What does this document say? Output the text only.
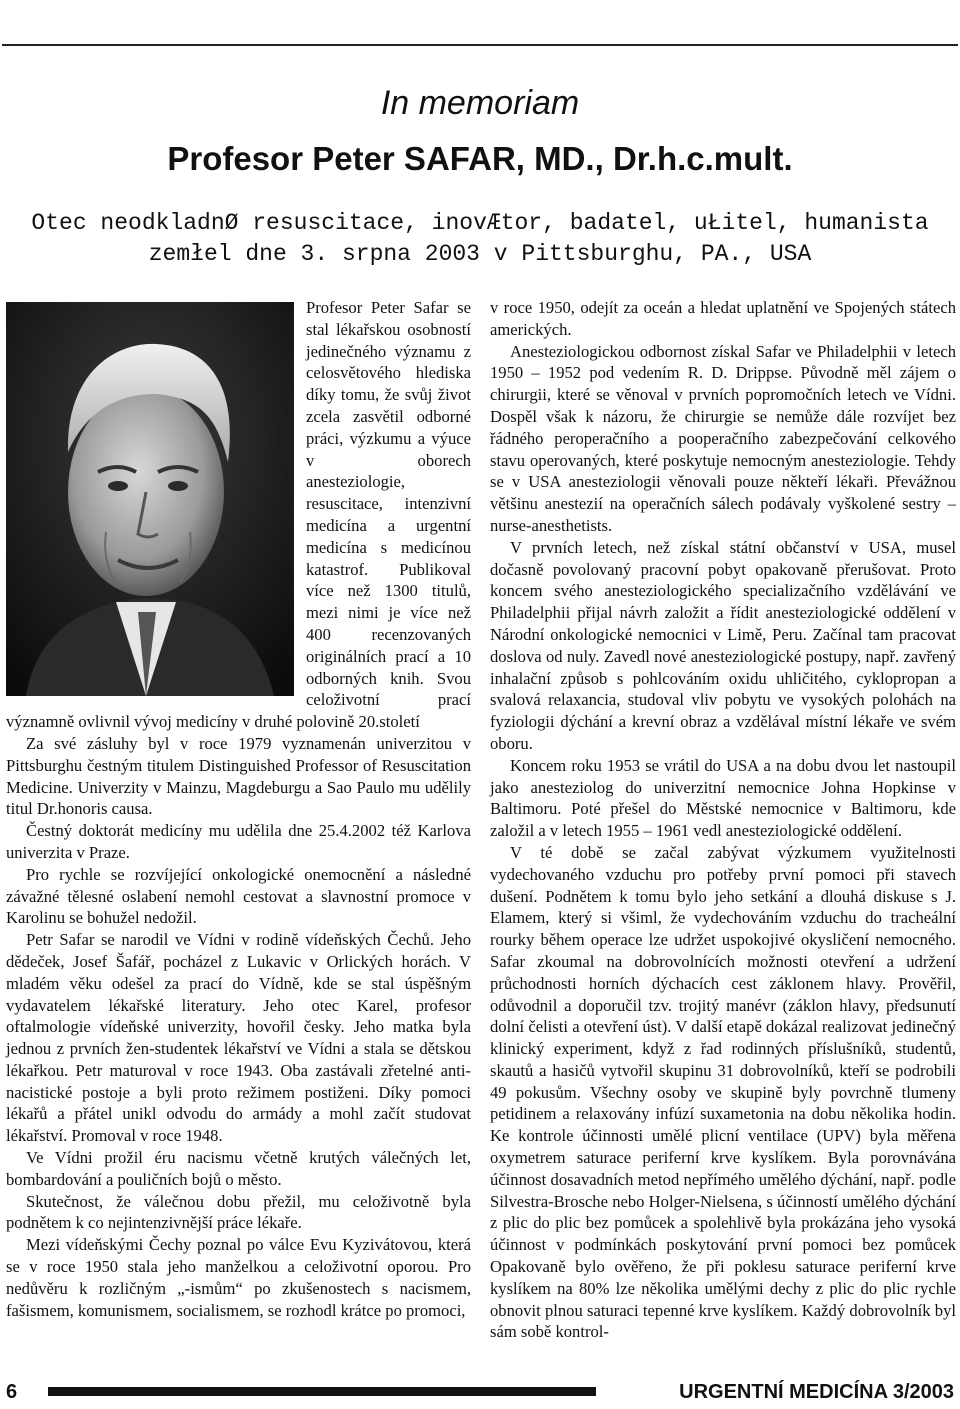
In memoriam
Profesor Peter SAFAR, MD., Dr.h.c.mult.
Otec neodkladnØ resuscitace, inovÆtor, badatel, uŁitel, humanista
zemłel dne 3. srpna 2003 v Pittsburghu, PA., USA

Profesor Peter Safar se stal lékařskou osobností jedinečného významu z celosvětového hlediska díky tomu, že svůj život zcela zasvětil odborné práci, výzkumu a výuce v oborech anesteziologie, resuscitace, intenzivní medicína a urgentní medicína s medicínou katastrof. Publikoval více než 1300 titulů, mezi nimi je více než 400 recenzovaných originálních prací a 10 odborných knih. Svou celoživotní prací významně ovlivnil vývoj medicíny v druhé polovině 20.století

Za své zásluhy byl v roce 1979 vyznamenán univerzitou v Pittsburghu čestným titulem Distinguished Professor of Resuscitation Medicine. Univerzity v Mainzu, Magdeburgu a Sao Paulo mu udělily titul Dr.honoris causa.

Čestný doktorát medicíny mu udělila dne 25.4.2002 též Karlova univerzita v Praze.

Pro rychle se rozvíjející onkologické onemocnění a následné závažné tělesné oslabení nemohl cestovat a slavnostní promoce v Karolinu se bohužel nedožil.

Petr Safar se narodil ve Vídni v rodině vídeňských Čechů. Jeho dědeček, Josef Šafář, pocházel z Lukavic v Orlických horách. V mladém věku odešel za prací do Vídně, kde se stal úspěšným vydavatelem lékařské literatury. Jeho otec Karel, profesor oftalmologie vídeňské univerzity, hovořil česky. Jeho matka byla jednou z prvních žen-studentek lékařství ve Vídni a stala se dětskou lékařkou. Petr maturoval v roce 1943. Oba zastávali zřetelné anti-nacistické postoje a byli proto režimem postiženi. Díky pomoci lékařů a přátel unikl odvodu do armády a mohl začít studovat lékařství. Promoval v roce 1948.

Ve Vídni prožil éru nacismu včetně krutých válečných let, bombardování a pouličních bojů o město.

Skutečnost, že válečnou dobu přežil, mu celoživotně byla podnětem k co nejintenzivnější práce lékaře.

Mezi vídeňskými Čechy poznal po válce Evu Kyzivátovou, která se v roce 1950 stala jeho manželkou a celoživotní oporou. Pro nedůvěru k rozličným „-ismům“ po zkušenostech s nacismem, fašismem, komunismem, socialismem, se rozhodl krátce po promoci,

v roce 1950, odejít za oceán a hledat uplatnění ve Spojených státech amerických.

Anesteziologickou odbornost získal Safar ve Philadelphii v letech 1950 – 1952 pod vedením R. D. Drippse. Původně měl zájem o chirurgii, které se věnoval v prvních popromočních letech ve Vídni. Dospěl však k názoru, že chirurgie se nemůže dále rozvíjet bez řádného peroperačního a pooperačního zabezpečování celkového stavu operovaných, které poskytuje nemocným anesteziologie. Tehdy se v USA anesteziologii věnovali pouze někteří lékaři. Převážnou většinu anestezií na operačních sálech podávaly vyškolené sestry – nurse-anesthetists.

V prvních letech, než získal státní občanství v USA, musel dočasně povolovaný pracovní pobyt opakovaně přerušovat. Proto koncem svého anesteziologického specializačního vzdělávání ve Philadelphii přijal návrh založit a řídit anesteziologické oddělení v Národní onkologické nemocnici v Limě, Peru. Začínal tam pracovat doslova od nuly. Zavedl nové anesteziologické postupy, např. zavřený inhalační způsob s pohlcováním oxidu uhličitého, cyklopropan a svalová relaxancia, studoval vliv pobytu ve vysokých polohách na fyziologii dýchání a krevní obraz a vzdělával místní lékaře ve svém oboru.

Koncem roku 1953 se vrátil do USA a na dobu dvou let nastoupil jako anesteziolog do univerzitní nemocnice Johna Hopkinse v Baltimoru. Poté přešel do Městské nemocnice v Baltimoru, kde založil a v letech 1955 – 1961 vedl anesteziologické oddělení.

V té době se začal zabývat výzkumem využitelnosti vydechovaného vzduchu pro potřeby první pomoci při stavech dušení. Podnětem k tomu bylo jeho setkání a dlouhá diskuse s J. Elamem, který si všiml, že vydechováním vzduchu do tracheální rourky během operace lze udržet uspokojivé okysličení nemocného. Safar zkoumal na dobrovolnících možnosti otevření a udržení průchodnosti horních dýchacích cest záklonem hlavy. Prověřil, odůvodnil a doporučil tzv. trojitý manévr (záklon hlavy, předsunutí dolní čelisti a otevření úst). V další etapě dokázal realizovat jedinečný klinický experiment, když z řad rodinných příslušníků, studentů, skautů a hasičů vytvořil skupinu 31 dobrovolníků, kteří se podrobili 49 pokusům. Všechny osoby ve skupině byly povrchně tlumeny petidinem a relaxovány infúzí suxametonia na dobu několika hodin. Ke kontrole účinnosti umělé plicní ventilace (UPV) byla měřena oxymetrem saturace periferní krve kyslíkem. Byla porovnávána účinnost dosavadních metod nepřímého umělého dýchání, např. podle Silvestra-Brosche nebo Holger-Nielsena, s účinností umělého dýchání z plic do plic bez pomůcek a spolehlivě byla prokázána jeho vysoká účinnost v podmínkách poskytování první pomoci bez pomůcek Opakovaně bylo ověřeno, že při poklesu saturace periferní krve kyslíkem na 80% lze několika umělými dechy z plic do plic rychle obnovit plnou saturaci tepenné krve kyslíkem. Každý dobrovolník byl sám sobě kontrol-

6	URGENTNÍ MEDICÍNA 3/2003
